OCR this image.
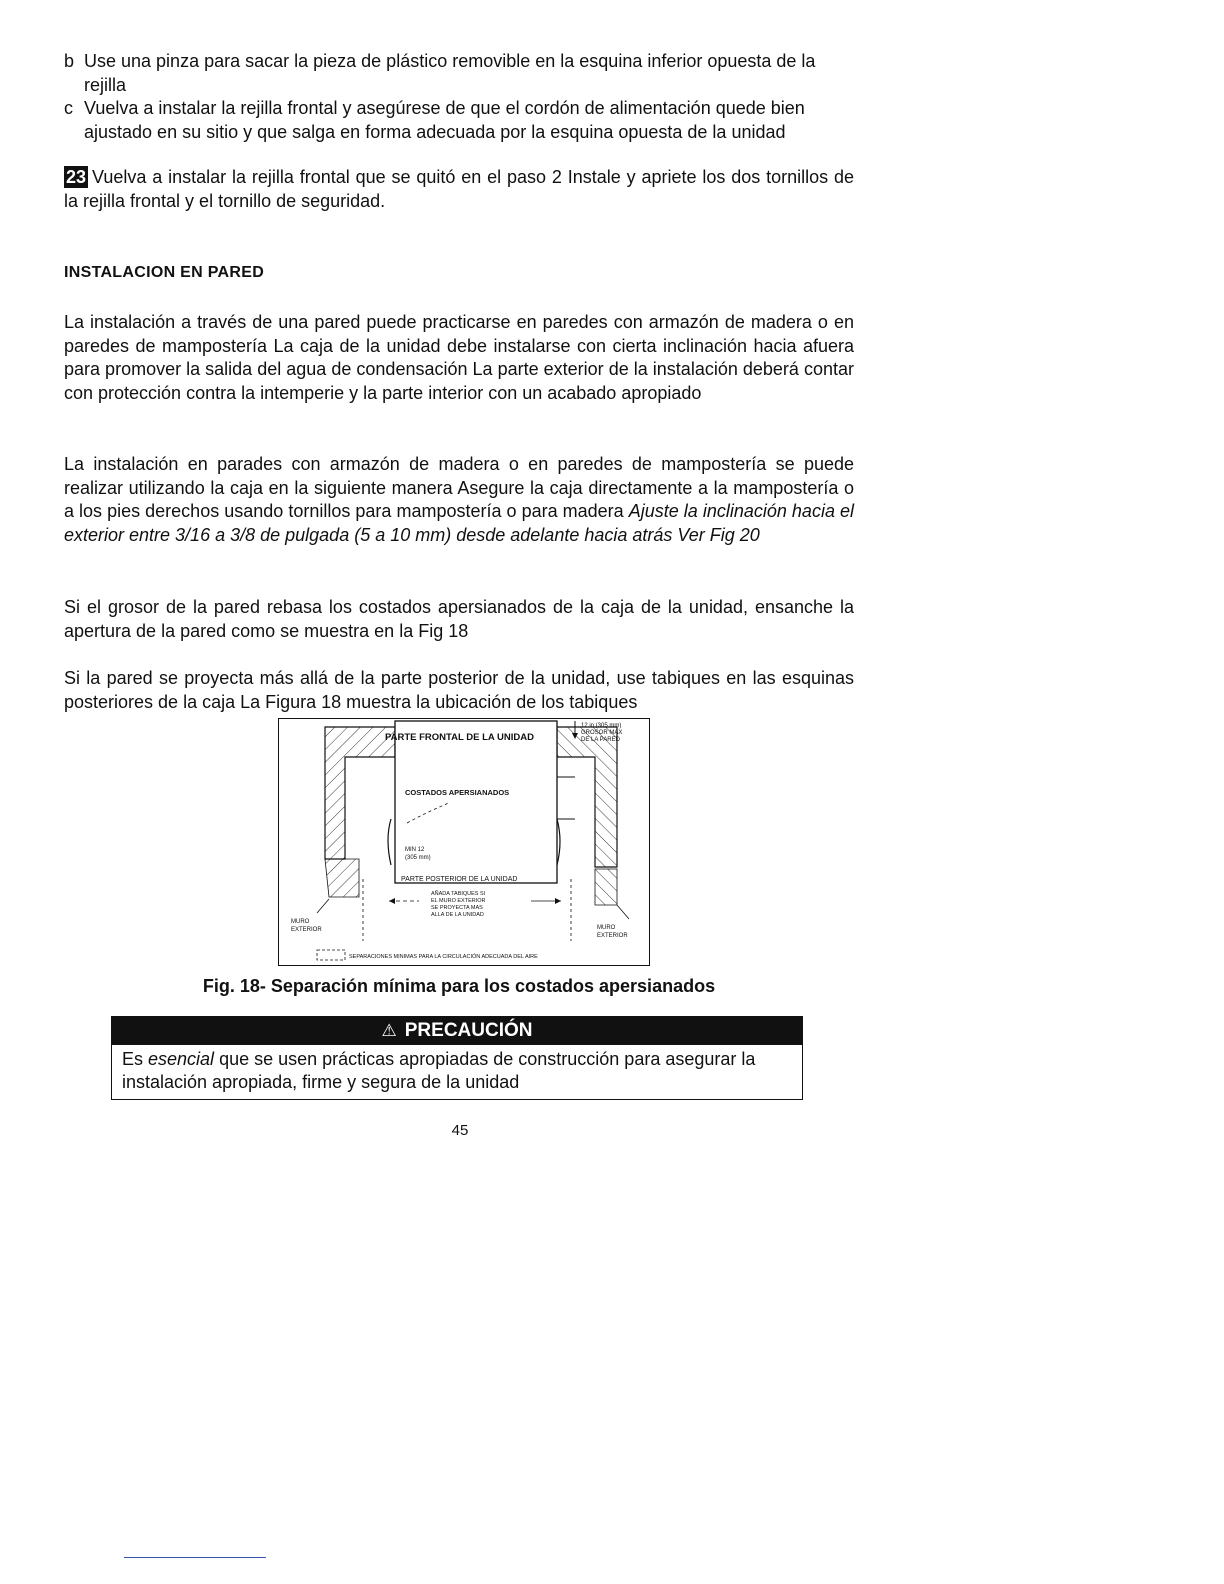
b Use una pinza para sacar la pieza de plástico removible en la esquina inferior opuesta de la rejilla
c Vuelva a instalar la rejilla frontal y asegúrese de que el cordón de alimentación quede bien ajustado en su sitio y que salga en forma adecuada por la esquina opuesta de la unidad
23 Vuelva a instalar la rejilla frontal que se quitó en el paso 2 Instale y apriete los dos tornillos de la rejilla frontal y el tornillo de seguridad.
INSTALACION EN PARED
La instalación a través de una pared puede practicarse en paredes con armazón de madera o en paredes de mampostería La caja de la unidad debe instalarse con cierta inclinación hacia afuera para promover la salida del agua de condensación La parte exterior de la instalación deberá contar con protección contra la intemperie y la parte interior con un acabado apropiado
La instalación en parades con armazón de madera o en paredes de mampostería se puede realizar utilizando la caja en la siguiente manera Asegure la caja directamente a la mampostería o a los pies derechos usando tornillos para mampostería o para madera Ajuste la inclinación hacia el exterior entre 3/16 a 3/8 de pulgada (5 a 10 mm) desde adelante hacia atrás Ver Fig 20
Si el grosor de la pared rebasa los costados apersianados de la caja de la unidad, ensanche la apertura de la pared como se muestra en la Fig 18
Si la pared se proyecta más allá de la parte posterior de la unidad, use tabiques en las esquinas posteriores de la caja La Figura 18 muestra la ubicación de los tabiques
PARTE FRONTAL DE LA UNIDAD
12 in (305 mm)
GROSOR MAX
DE LA PARED
COSTADOS APERSIANADOS
MIN 12
(305 mm)
PARTE POSTERIOR DE LA UNIDAD
AÑADA TABIQUES SI
EL MURO EXTERIOR
SE PROYECTA MAS
ALLA DE LA UNIDAD
MURO
EXTERIOR	MURO
EXTERIOR
SEPARACIONES MINIMAS PARA LA CIRCULACIÓN ADECUADA DEL AIRE
Fig. 18- Separación mínima para los costados apersianados
⚠ PRECAUCIÓN
Es esencial que se usen prácticas apropiadas de construcción para asegurar la instalación apropiada, firme y segura de la unidad
45
